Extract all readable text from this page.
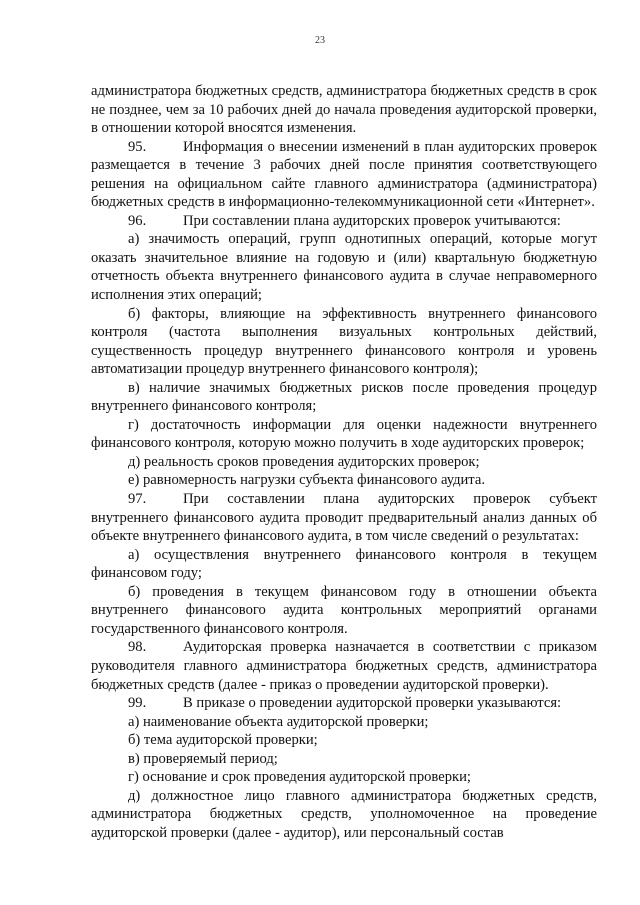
23

администратора бюджетных средств, администратора бюджетных средств в срок не позднее, чем за 10 рабочих дней до начала проведения аудиторской проверки, в отношении которой вносятся изменения.

95.	Информация о внесении изменений в план аудиторских проверок размещается в течение 3 рабочих дней после принятия соответствующего решения на официальном сайте главного администратора (администратора) бюджетных средств в информационно-телекоммуникационной сети «Интернет».

96.	При составлении плана аудиторских проверок учитываются:

а) значимость операций, групп однотипных операций, которые могут оказать значительное влияние на годовую и (или) квартальную бюджетную отчетность объекта внутреннего финансового аудита в случае неправомерного исполнения этих операций;

б) факторы, влияющие на эффективность внутреннего финансового контроля (частота выполнения визуальных контрольных действий, существенность процедур внутреннего финансового контроля и уровень автоматизации процедур внутреннего финансового контроля);

в) наличие значимых бюджетных рисков после проведения процедур внутреннего финансового контроля;

г) достаточность информации для оценки надежности внутреннего финансового контроля, которую можно получить в ходе аудиторских проверок;

д) реальность сроков проведения аудиторских проверок;

е) равномерность нагрузки субъекта финансового аудита.

97.	При составлении плана аудиторских проверок субъект внутреннего финансового аудита проводит предварительный анализ данных об объекте внутреннего финансового аудита, в том числе сведений о результатах:

а) осуществления внутреннего финансового контроля в текущем финансовом году;

б) проведения в текущем финансовом году в отношении объекта внутреннего финансового аудита контрольных мероприятий органами государственного финансового контроля.

98.	Аудиторская проверка назначается в соответствии с приказом руководителя главного администратора бюджетных средств, администратора бюджетных средств (далее - приказ о проведении аудиторской проверки).

99.	В приказе о проведении аудиторской проверки указываются:

а) наименование объекта аудиторской проверки;

б) тема аудиторской проверки;

в) проверяемый период;

г) основание и срок проведения аудиторской проверки;

д) должностное лицо главного администратора бюджетных средств, администратора бюджетных средств, уполномоченное на проведение аудиторской проверки (далее - аудитор), или персональный состав
